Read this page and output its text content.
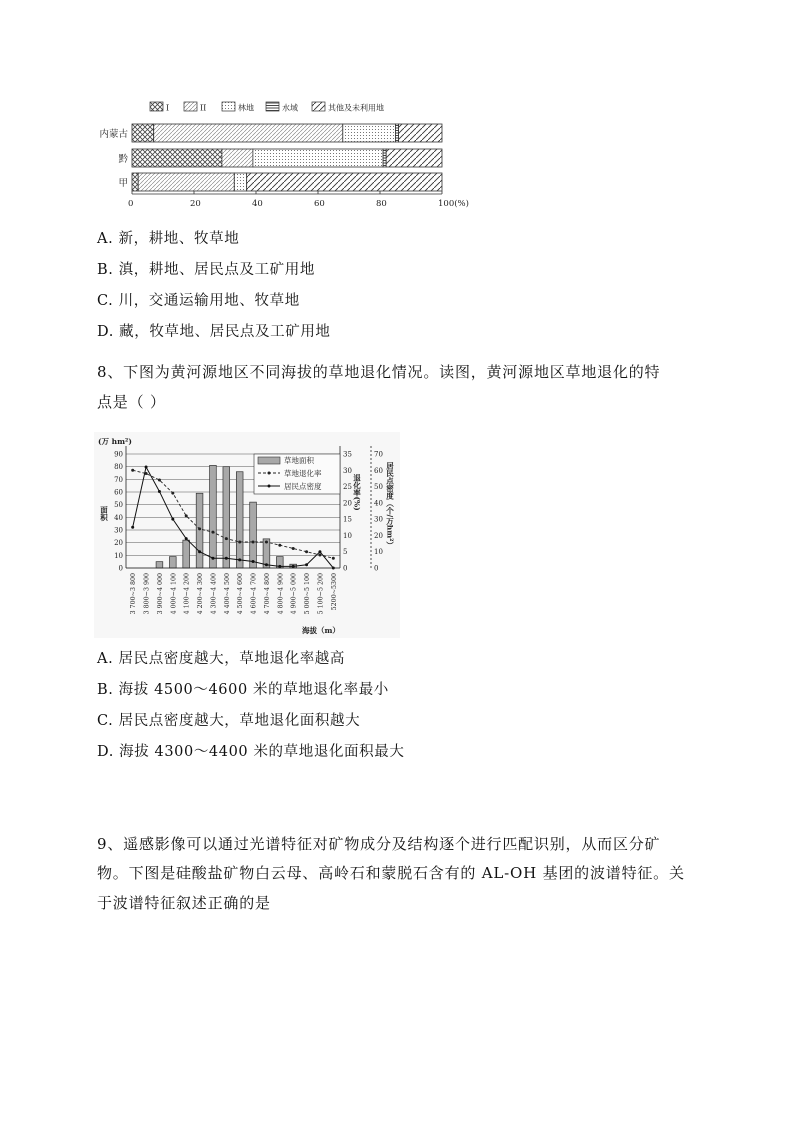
I	II	林地	水域	其他及未利用地
内蒙古
黔
甲
0	20	40	60	80	100(%)
A. 新，耕地、牧草地
B. 滇，耕地、居民点及工矿用地
C. 川，交通运输用地、牧草地
D. 藏，牧草地、居民点及工矿用地
8、下图为黄河源地区不同海拔的草地退化情况。读图，黄河源地区草地退化的特
点是（ ）
(万 hm²)
0
10
20
30
40
50
60
70
80
90
面积
0
5
10
15
20
25
30
35
退化率(%)
0
10
20
30
40
50
60
70
居民点密度（个/万hm²）
3 700~3 800 3 800~3 900 3 900~4 000 4 000~4 100 4 100~4 200 4 200~4 300 4 300~4 400 4 400~4 500 4 500~4 600 4 600~4 700 4 700~4 800 4 800~4 900 4 900~5 000 5 000~5 100 5 100~5 200 5200~5300
海拔（m）
草地面积
草地退化率
居民点密度
A. 居民点密度越大，草地退化率越高
B. 海拔 4500～4600 米的草地退化率最小
C. 居民点密度越大，草地退化面积越大
D. 海拔 4300～4400 米的草地退化面积最大
9、遥感影像可以通过光谱特征对矿物成分及结构逐个进行匹配识别，从而区分矿
物。下图是硅酸盐矿物白云母、高岭石和蒙脱石含有的 AL-OH 基团的波谱特征。关
于波谱特征叙述正确的是
